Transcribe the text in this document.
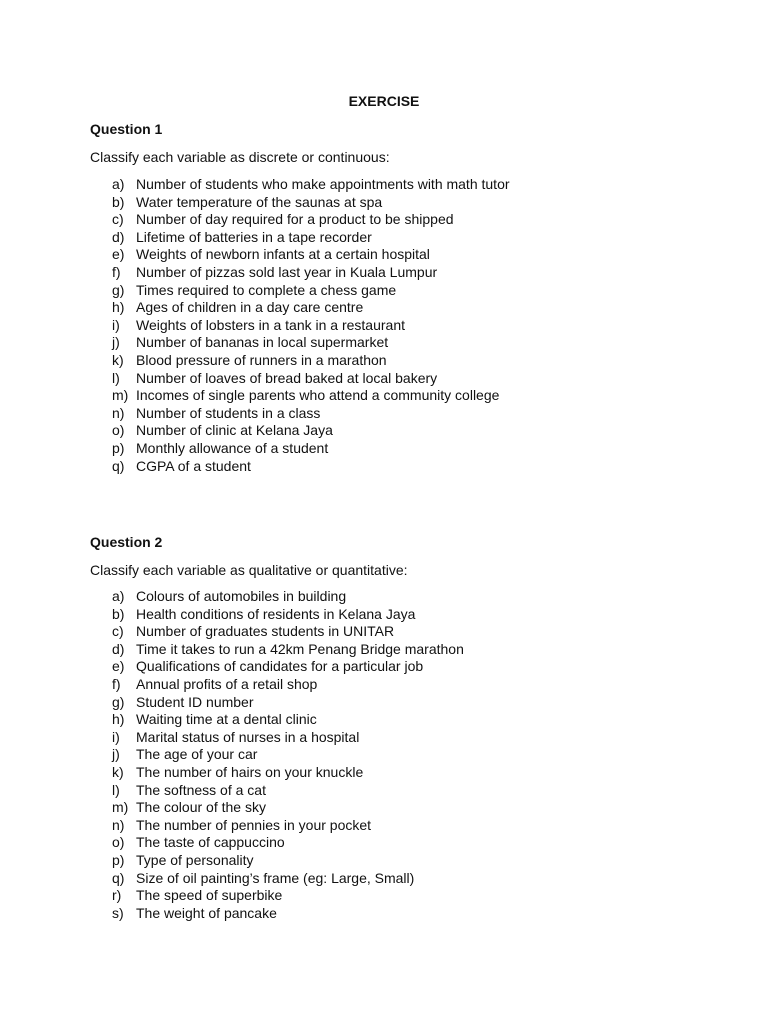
EXERCISE
Question 1
Classify each variable as discrete or continuous:
a) Number of students who make appointments with math tutor
b) Water temperature of the saunas at spa
c) Number of day required for a product to be shipped
d) Lifetime of batteries in a tape recorder
e) Weights of newborn infants at a certain hospital
f)	Number of pizzas sold last year in Kuala Lumpur
g) Times required to complete a chess game
h) Ages of children in a day care centre
i)	Weights of lobsters in a tank in a restaurant
j)	Number of bananas in local supermarket
k) Blood pressure of runners in a marathon
l)	Number of loaves of bread baked at local bakery
m) Incomes of single parents who attend a community college
n) Number of students in a class
o) Number of clinic at Kelana Jaya
p) Monthly allowance of a student
q) CGPA of a student
Question 2
Classify each variable as qualitative or quantitative:
a) Colours of automobiles in building
b) Health conditions of residents in Kelana Jaya
c) Number of graduates students in UNITAR
d) Time it takes to run a 42km Penang Bridge marathon
e) Qualifications of candidates for a particular job
f)	Annual profits of a retail shop
g) Student ID number
h) Waiting time at a dental clinic
i)	Marital status of nurses in a hospital
j)	The age of your car
k) The number of hairs on your knuckle
l)	The softness of a cat
m) The colour of the sky
n) The number of pennies in your pocket
o) The taste of cappuccino
p) Type of personality
q) Size of oil painting’s frame (eg: Large, Small)
r)	The speed of superbike
s) The weight of pancake
